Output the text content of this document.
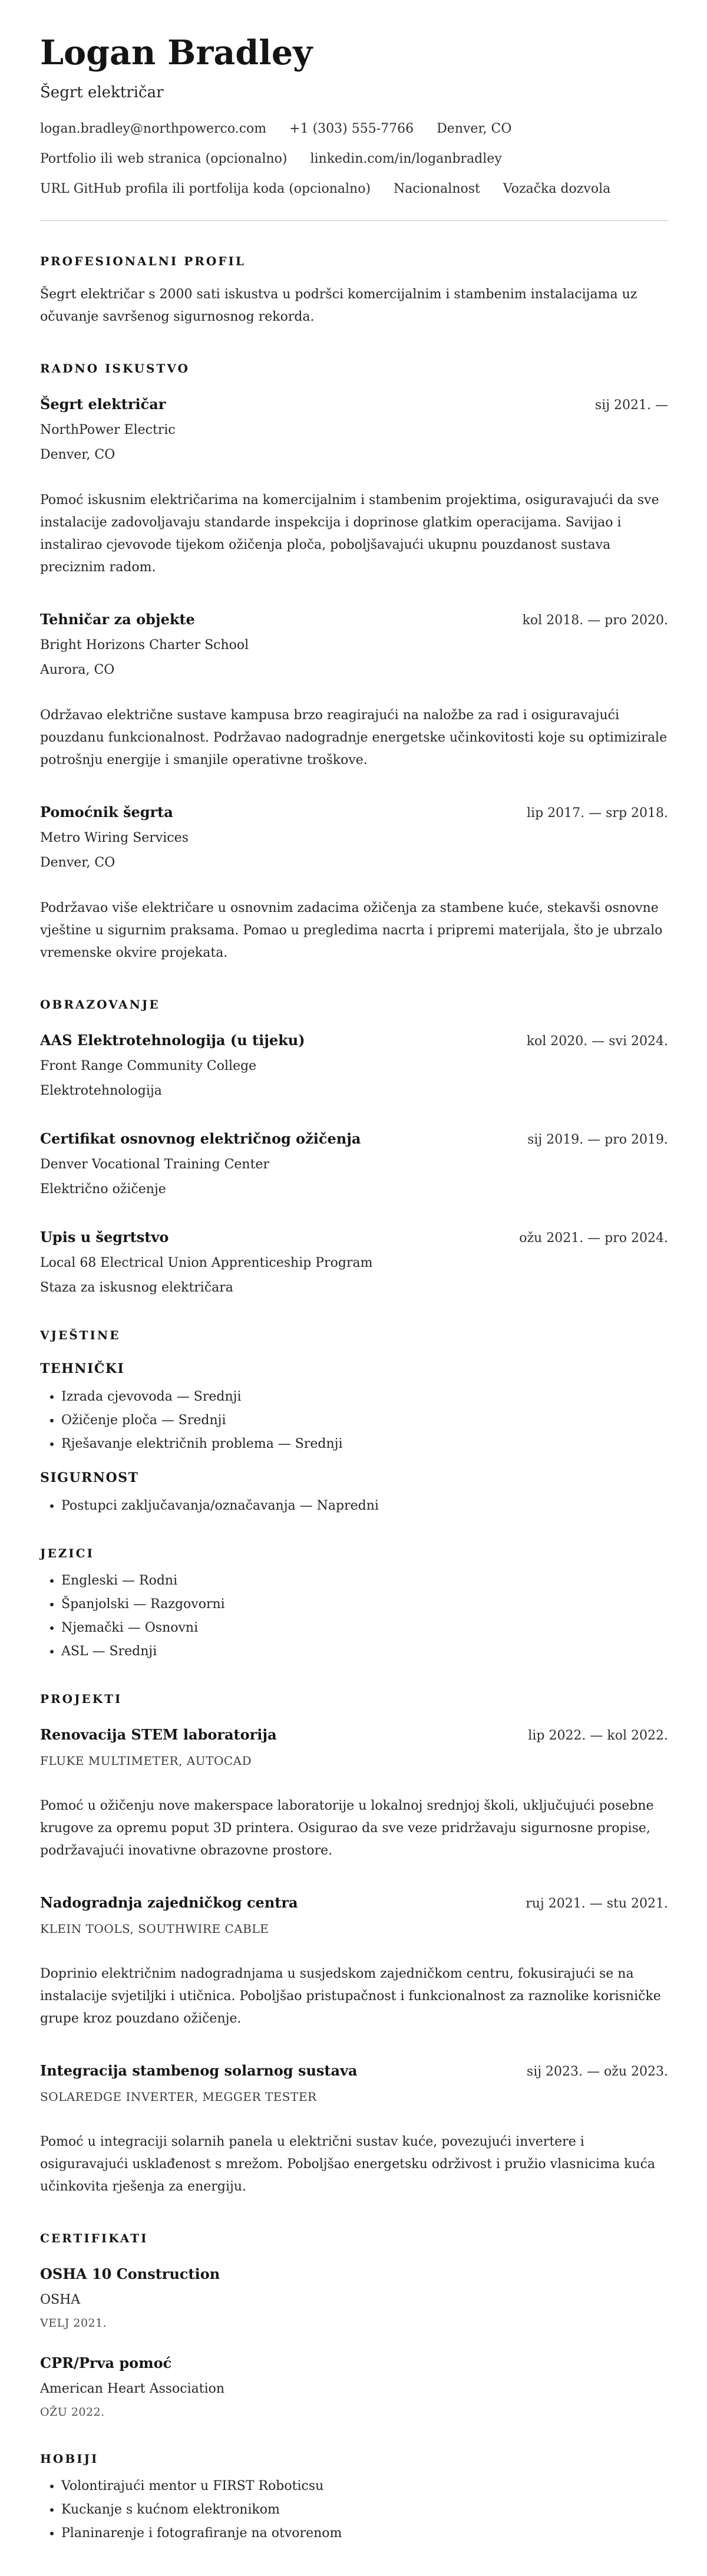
Logan Bradley
Šegrt električar
logan.bradley@northpowerco.com +1 (303) 555-7766 Denver, CO
Portfolio ili web stranica (opcionalno) linkedin.com/in/loganbradley
URL GitHub profila ili portfolija koda (opcionalno) Nacionalnost Vozačka dozvola
PROFESIONALNI PROFIL

Šegrt električar s 2000 sati iskustva u podršci komercijalnim i stambenim instalacijama uz očuvanje savršenog sigurnosnog rekorda.

RADNO ISKUSTVO
Šegrt električar	sij 2021. —
NorthPower Electric
Denver, CO

Pomoć iskusnim električarima na komercijalnim i stambenim projektima, osiguravajući da sve instalacije zadovoljavaju standarde inspekcija i doprinose glatkim operacijama. Savijao i instalirao cjevovode tijekom ožičenja ploča, poboljšavajući ukupnu pouzdanost sustava preciznim radom.

Tehničar za objekte	kol 2018. — pro 2020.
Bright Horizons Charter School
Aurora, CO

Održavao električne sustave kampusa brzo reagirajući na naložbe za rad i osiguravajući pouzdanu funkcionalnost. Podržavao nadogradnje energetske učinkovitosti koje su optimizirale potrošnju energije i smanjile operativne troškove.

Pomoćnik šegrta	lip 2017. — srp 2018.
Metro Wiring Services
Denver, CO

Podržavao više električare u osnovnim zadacima ožičenja za stambene kuće, stekavši osnovne vještine u sigurnim praksama. Pomao u pregledima nacrta i pripremi materijala, što je ubrzalo vremenske okvire projekata.

OBRAZOVANJE
AAS Elektrotehnologija (u tijeku)	kol 2020. — svi 2024.
Front Range Community College
Elektrotehnologija
Certifikat osnovnog električnog ožičenja	sij 2019. — pro 2019.
Denver Vocational Training Center
Električno ožičenje
Upis u šegrtstvo	ožu 2021. — pro 2024.
Local 68 Electrical Union Apprenticeship Program
Staza za iskusnog električara
VJEŠTINE
TEHNIČKI
• Izrada cjevovoda — Srednji
• Ožičenje ploča — Srednji
• Rješavanje električnih problema — Srednji
SIGURNOST
• Postupci zaključavanja/označavanja — Napredni
JEZICI
• Engleski — Rodni
• Španjolski — Razgovorni
• Njemački — Osnovni
• ASL — Srednji
PROJEKTI
Renovacija STEM laboratorija	lip 2022. — kol 2022.
FLUKE MULTIMETER, AUTOCAD

Pomoć u ožičenju nove makerspace laboratorije u lokalnoj srednjoj školi, uključujući posebne krugove za opremu poput 3D printera. Osigurao da sve veze pridržavaju sigurnosne propise, podržavajući inovativne obrazovne prostore.

Nadogradnja zajedničkog centra	ruj 2021. — stu 2021.
KLEIN TOOLS, SOUTHWIRE CABLE

Doprinio električnim nadogradnjama u susjedskom zajedničkom centru, fokusirajući se na instalacije svjetiljki i utičnica. Poboljšao pristupačnost i funkcionalnost za raznolike korisničke grupe kroz pouzdano ožičenje.

Integracija stambenog solarnog sustava	sij 2023. — ožu 2023.
SOLAREDGE INVERTER, MEGGER TESTER

Pomoć u integraciji solarnih panela u električni sustav kuće, povezujući invertere i osiguravajući usklađenost s mrežom. Poboljšao energetsku održivost i pružio vlasnicima kuća učinkovita rješenja za energiju.

CERTIFIKATI
OSHA 10 Construction
OSHA
VELJ 2021.
CPR/Prva pomoć
American Heart Association
OŽU 2022.
HOBIJI
• Volontirajući mentor u FIRST Roboticsu
• Kuckanje s kućnom elektronikom
• Planinarenje i fotografiranje na otvorenom
